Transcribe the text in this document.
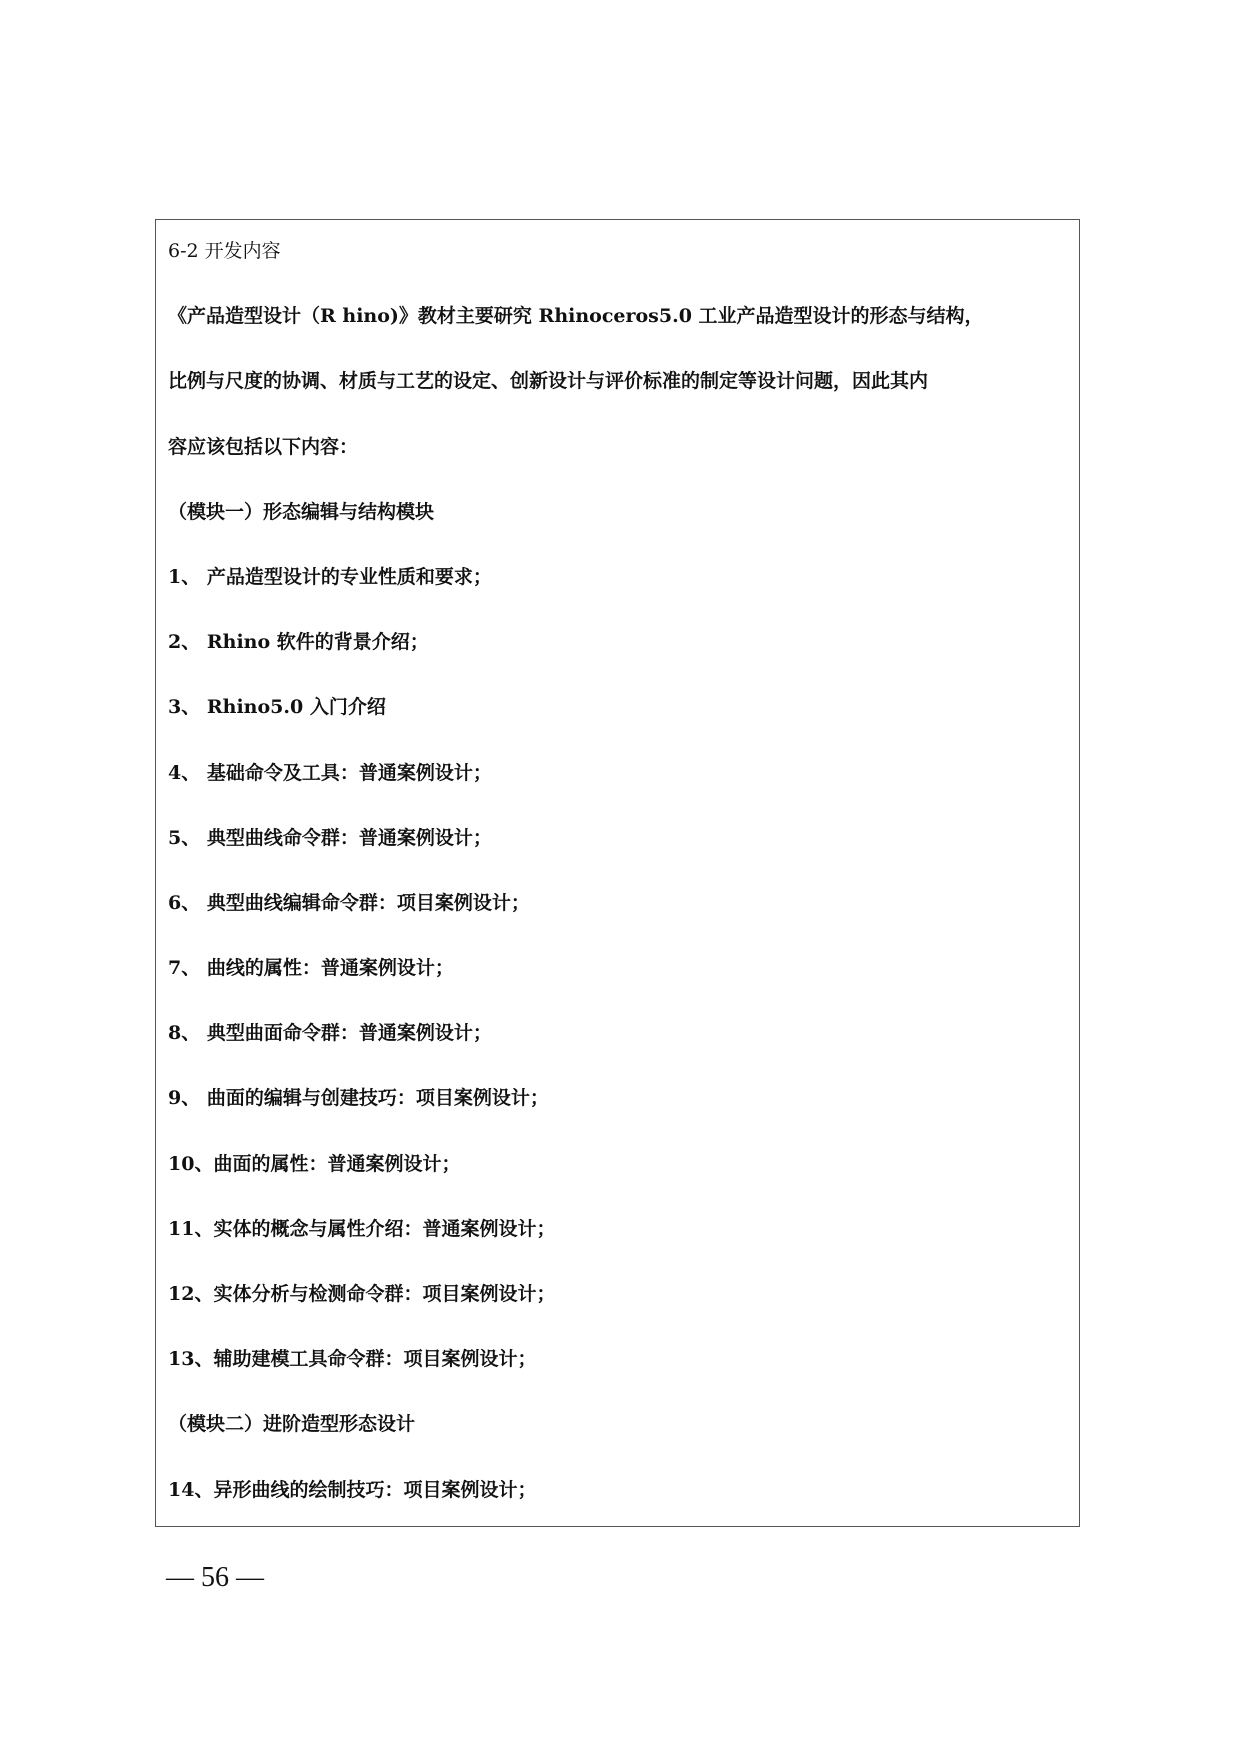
6-2 开发内容
《产品造型设计（R hino)》教材主要研究 Rhinoceros5.0 工业产品造型设计的形态与结构，
比例与尺度的协调、材质与工艺的设定、创新设计与评价标准的制定等设计问题，因此其内
容应该包括以下内容：
（模块一）形态编辑与结构模块
1、 产品造型设计的专业性质和要求；
2、 Rhino 软件的背景介绍；
3、 Rhino5.0 入门介绍
4、 基础命令及工具：普通案例设计；
5、 典型曲线命令群：普通案例设计；
6、 典型曲线编辑命令群：项目案例设计；
7、 曲线的属性：普通案例设计；
8、 典型曲面命令群：普通案例设计；
9、 曲面的编辑与创建技巧：项目案例设计；
10、曲面的属性：普通案例设计；
11、实体的概念与属性介绍：普通案例设计；
12、实体分析与检测命令群：项目案例设计；
13、辅助建模工具命令群：项目案例设计；
（模块二）进阶造型形态设计
14、异形曲线的绘制技巧：项目案例设计；
— 56 —
